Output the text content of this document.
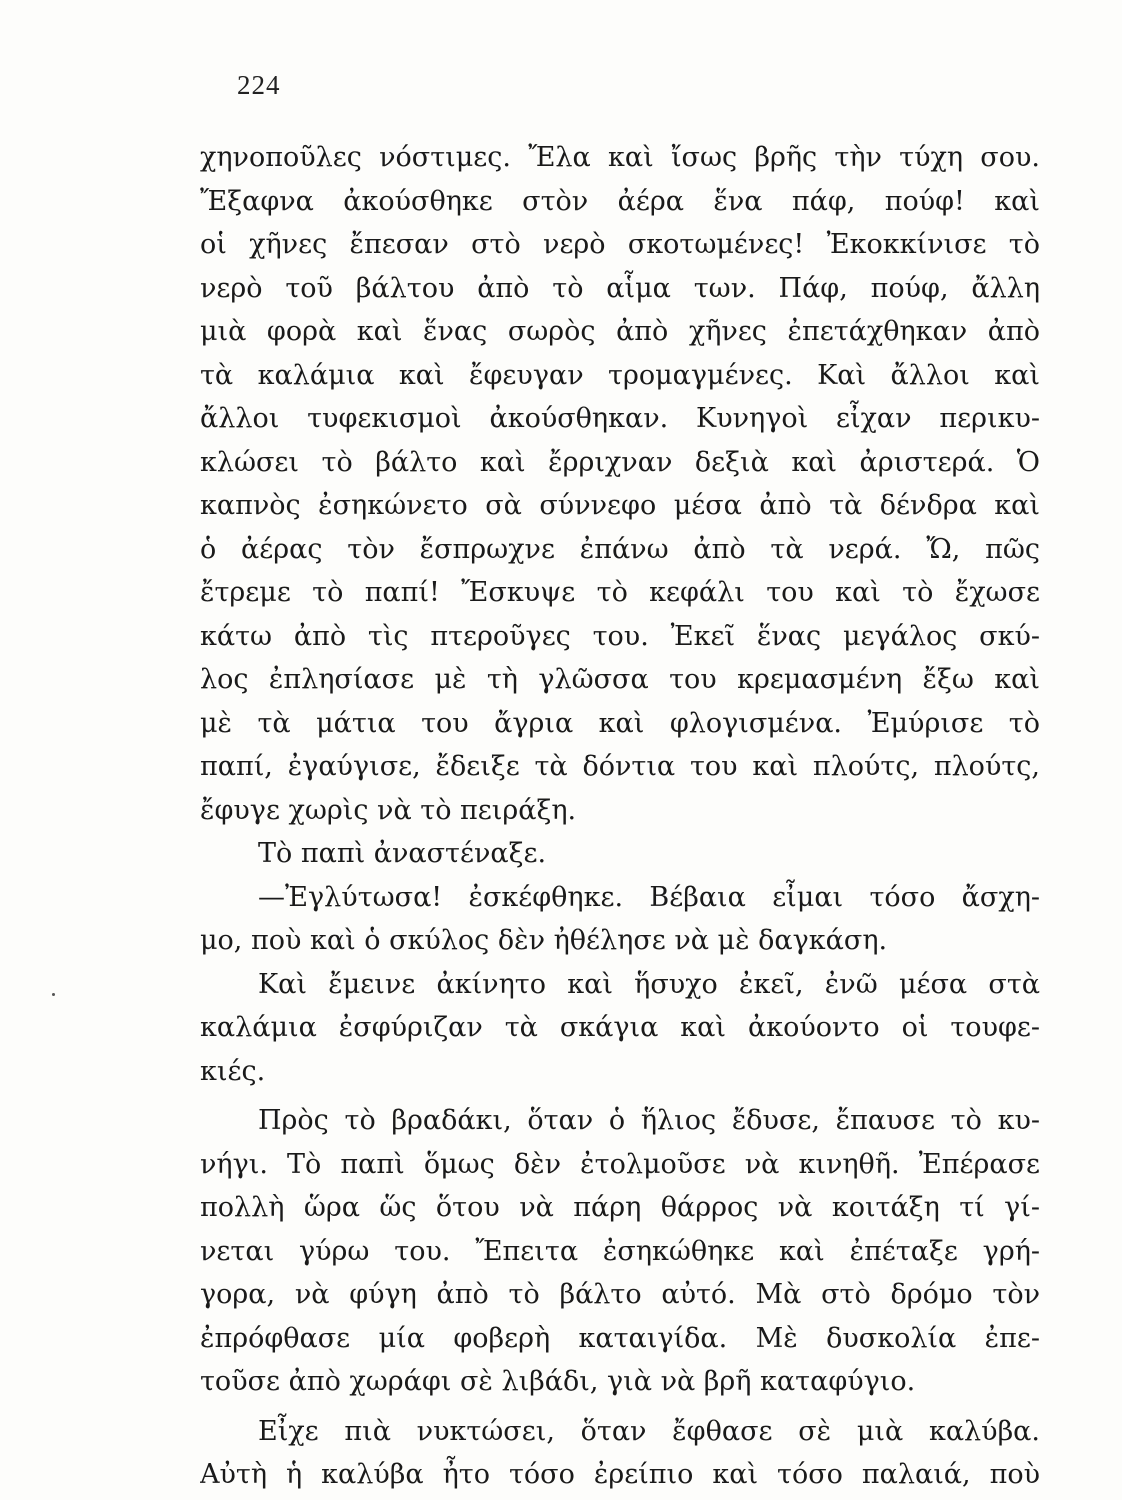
224
χηνοποῦλες νόστιμες. Ἔλα καὶ ἴσως βρῆς τὴν τύχη σου.
Ἔξαφνα ἀκούσθηκε στὸν ἀέρα ἕνα πάφ, πούφ! καὶ
οἱ χῆνες ἔπεσαν στὸ νερὸ σκοτωμένες! Ἐκοκκίνισε τὸ
νερὸ τοῦ βάλτου ἀπὸ τὸ αἷμα των. Πάφ, πούφ, ἄλλη
μιὰ φορὰ καὶ ἕνας σωρὸς ἀπὸ χῆνες ἐπετάχθηκαν ἀπὸ
τὰ καλάμια καὶ ἔφευγαν τρομαγμένες. Καὶ ἄλλοι καὶ
ἄλλοι τυφεκισμοὶ ἀκούσθηκαν. Κυνηγοὶ εἶχαν περικυ-
κλώσει τὸ βάλτο καὶ ἔρριχναν δεξιὰ καὶ ἀριστερά. Ὁ
καπνὸς ἐσηκώνετο σὰ σύννεφο μέσα ἀπὸ τὰ δένδρα καὶ
ὁ ἀέρας τὸν ἔσπρωχνε ἐπάνω ἀπὸ τὰ νερά. Ὤ, πῶς
ἔτρεμε τὸ παπί! Ἔσκυψε τὸ κεφάλι του καὶ τὸ ἔχωσε
κάτω ἀπὸ τὶς πτεροῦγες του. Ἐκεῖ ἕνας μεγάλος σκύ-
λος ἐπλησίασε μὲ τὴ γλῶσσα του κρεμασμένη ἔξω καὶ
μὲ τὰ μάτια του ἄγρια καὶ φλογισμένα. Ἐμύρισε τὸ
παπί, ἐγαύγισε, ἔδειξε τὰ δόντια του καὶ πλούτς, πλούτς,
ἔφυγε χωρὶς νὰ τὸ πειράξη.
Τὸ παπὶ ἀναστέναξε.
—Ἐγλύτωσα! ἐσκέφθηκε. Βέβαια εἶμαι τόσο ἄσχη-
μο, ποὺ καὶ ὁ σκύλος δὲν ἠθέλησε νὰ μὲ δαγκάση.
Καὶ ἔμεινε ἀκίνητο καὶ ἥσυχο ἐκεῖ, ἐνῶ μέσα στὰ
καλάμια ἐσφύριζαν τὰ σκάγια καὶ ἀκούοντο οἱ τουφε-
κιές.
Πρὸς τὸ βραδάκι, ὅταν ὁ ἥλιος ἔδυσε, ἔπαυσε τὸ κυ-
νήγι. Τὸ παπὶ ὅμως δὲν ἐτολμοῦσε νὰ κινηθῆ. Ἐπέρασε
πολλὴ ὥρα ὥς ὅτου νὰ πάρη θάρρος νὰ κοιτάξη τί γί-
νεται γύρω του. Ἔπειτα ἐσηκώθηκε καὶ ἐπέταξε γρή-
γορα, νὰ φύγη ἀπὸ τὸ βάλτο αὐτό. Μὰ στὸ δρόμο τὸν
ἐπρόφθασε μία φοβερὴ καταιγίδα. Μὲ δυσκολία ἐπε-
τοῦσε ἀπὸ χωράφι σὲ λιβάδι, γιὰ νὰ βρῆ καταφύγιο.
Εἶχε πιὰ νυκτώσει, ὅταν ἔφθασε σὲ μιὰ καλύβα.
Αὐτὴ ἡ καλύβα ἦτο τόσο ἐρείπιο καὶ τόσο παλαιά, ποὺ
